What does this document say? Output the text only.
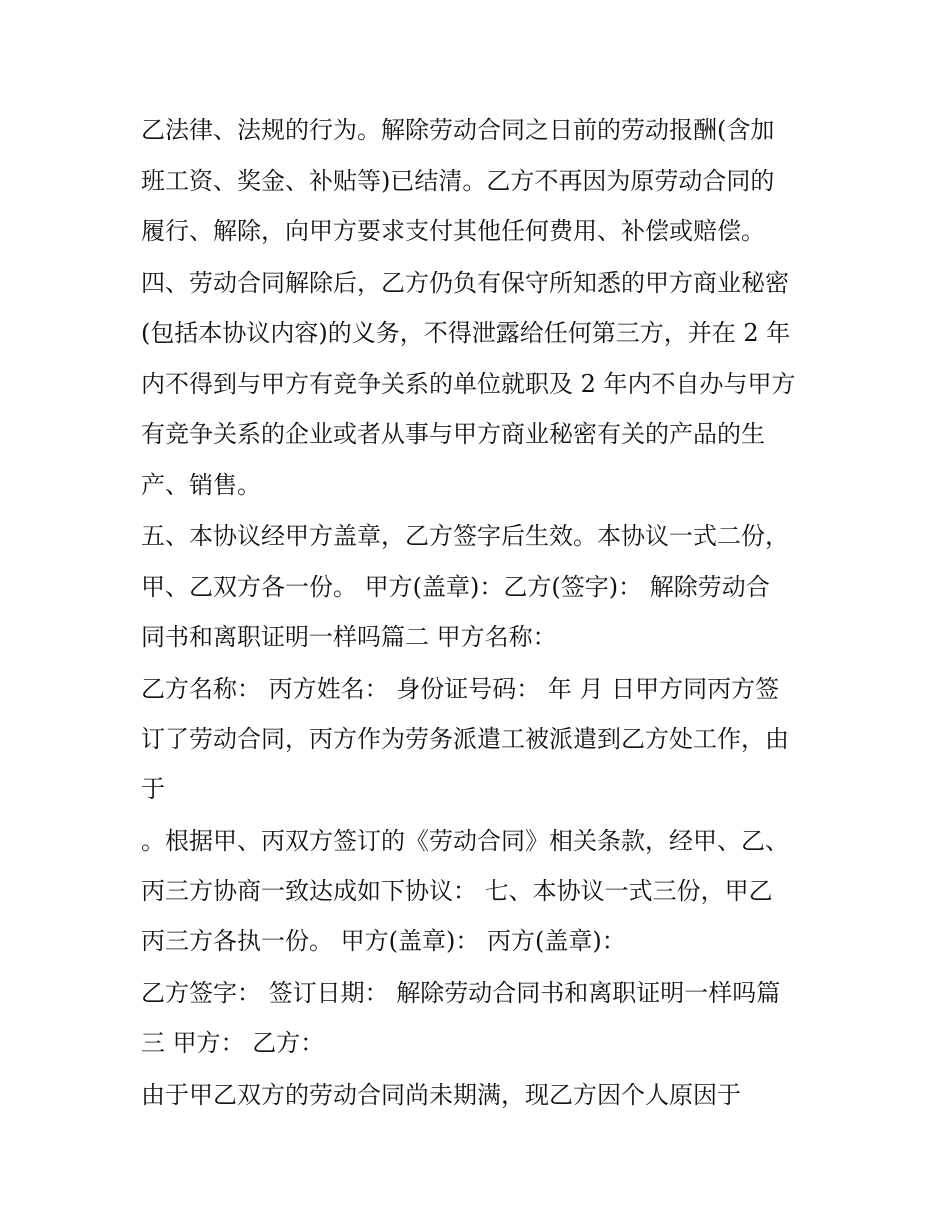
乙法律、法规的行为。解除劳动合同之日前的劳动报酬(含加

班工资、奖金、补贴等)已结清。乙方不再因为原劳动合同的

履行、解除，向甲方要求支付其他任何费用、补偿或赔偿。

四、劳动合同解除后，乙方仍负有保守所知悉的甲方商业秘密

(包括本协议内容)的义务，不得泄露给任何第三方，并在 2 年

内不得到与甲方有竞争关系的单位就职及 2 年内不自办与甲方

有竞争关系的企业或者从事与甲方商业秘密有关的产品的生

产、销售。

五、本协议经甲方盖章，乙方签字后生效。本协议一式二份，

甲、乙双方各一份。 甲方(盖章)：乙方(签字)： 解除劳动合

同书和离职证明一样吗篇二 甲方名称：

乙方名称： 丙方姓名： 身份证号码： 年 月 日甲方同丙方签

订了劳动合同，丙方作为劳务派遣工被派遣到乙方处工作，由

于

。根据甲、丙双方签订的《劳动合同》相关条款，经甲、乙、

丙三方协商一致达成如下协议： 七、本协议一式三份，甲乙

丙三方各执一份。 甲方(盖章)： 丙方(盖章)：

乙方签字： 签订日期： 解除劳动合同书和离职证明一样吗篇

三 甲方： 乙方：

由于甲乙双方的劳动合同尚未期满，现乙方因个人原因于
